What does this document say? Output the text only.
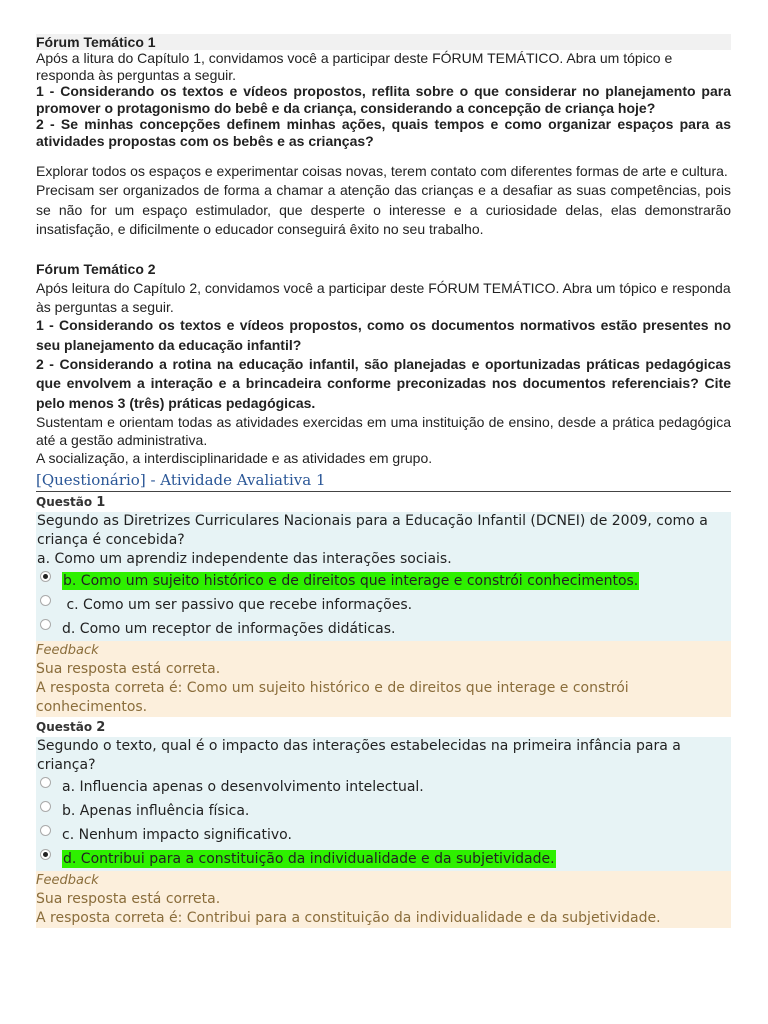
Fórum Temático 1

Após a litura do Capítulo 1, convidamos você a participar deste FÓRUM TEMÁTICO. Abra um tópico e responda às perguntas a seguir.

1 - Considerando os textos e vídeos propostos, reflita sobre o que considerar no planejamento para promover o protagonismo do bebê e da criança, considerando a concepção de criança hoje?

2 - Se minhas concepções definem minhas ações, quais tempos e como organizar espaços para as atividades propostas com os bebês e as crianças?

Explorar todos os espaços e experimentar coisas novas, terem contato com diferentes formas de arte e cultura.

Precisam ser organizados de forma a chamar a atenção das crianças e a desafiar as suas competências, pois se não for um espaço estimulador, que desperte o interesse e a curiosidade delas, elas demonstrarão insatisfação, e dificilmente o educador conseguirá êxito no seu trabalho.

Fórum Temático 2

Após leitura do Capítulo 2, convidamos você a participar deste FÓRUM TEMÁTICO. Abra um tópico e responda às perguntas a seguir.

1 - Considerando os textos e vídeos propostos, como os documentos normativos estão presentes no seu planejamento da educação infantil?

2 - Considerando a rotina na educação infantil, são planejadas e oportunizadas práticas pedagógicas que envolvem a interação e a brincadeira conforme preconizadas nos documentos referenciais? Cite pelo menos 3 (três) práticas pedagógicas.

Sustentam e orientam todas as atividades exercidas em uma instituição de ensino, desde a prática pedagógica até a gestão administrativa.

A socialização, a interdisciplinaridade e as atividades em grupo.

[Questionário] - Atividade Avaliativa 1
Questão 1
Segundo as Diretrizes Curriculares Nacionais para a Educação Infantil (DCNEI) de 2009, como a criança é concebida?
a. Como um aprendiz independente das interações sociais.
b. Como um sujeito histórico e de direitos que interage e constrói conhecimentos.
c. Como um ser passivo que recebe informações.
d. Como um receptor de informações didáticas.
Feedback
Sua resposta está correta.
A resposta correta é: Como um sujeito histórico e de direitos que interage e constrói conhecimentos.
Questão 2
Segundo o texto, qual é o impacto das interações estabelecidas na primeira infância para a criança?
a. Influencia apenas o desenvolvimento intelectual.
b. Apenas influência física.
c. Nenhum impacto significativo.
d. Contribui para a constituição da individualidade e da subjetividade.
Feedback
Sua resposta está correta.
A resposta correta é: Contribui para a constituição da individualidade e da subjetividade.
